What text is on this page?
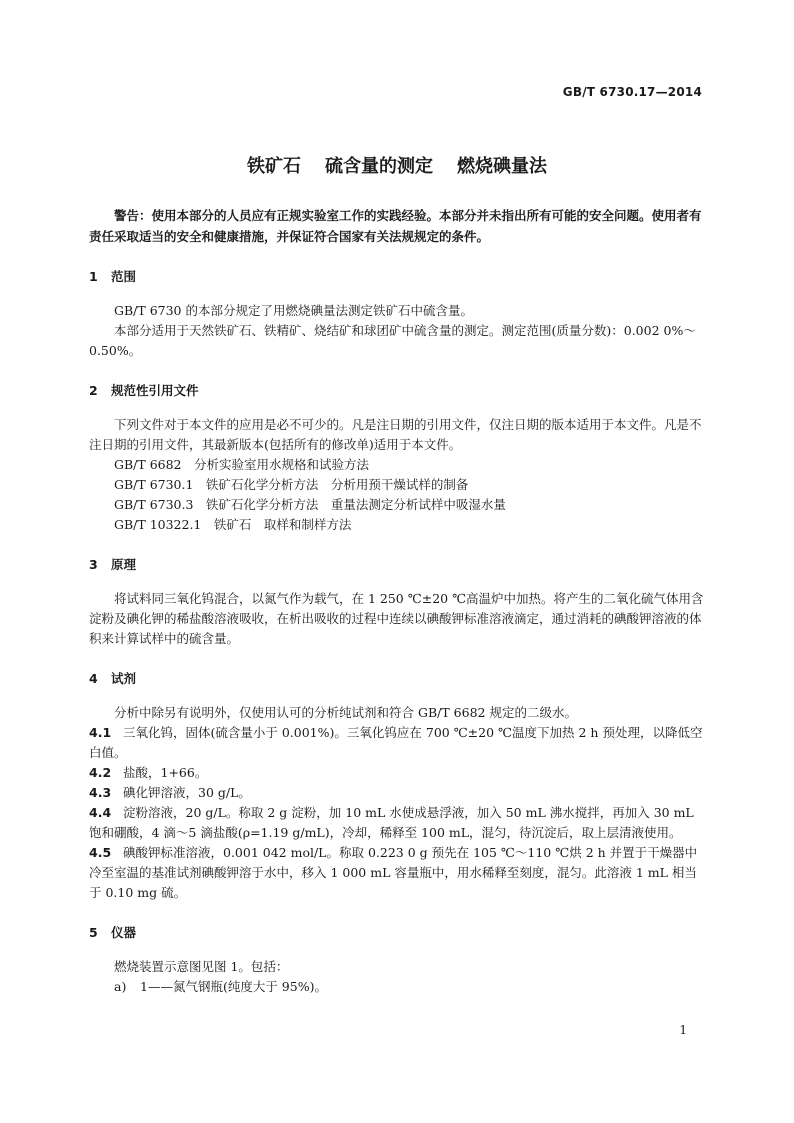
GB/T 6730.17—2014
铁矿石 硫含量的测定 燃烧碘量法

警告：使用本部分的人员应有正规实验室工作的实践经验。本部分并未指出所有可能的安全问题。使用者有责任采取适当的安全和健康措施，并保证符合国家有关法规规定的条件。

1 范围

GB/T 6730 的本部分规定了用燃烧碘量法测定铁矿石中硫含量。

本部分适用于天然铁矿石、铁精矿、烧结矿和球团矿中硫含量的测定。测定范围(质量分数)：0.002 0%～0.50%。

2 规范性引用文件

下列文件对于本文件的应用是必不可少的。凡是注日期的引用文件，仅注日期的版本适用于本文件。凡是不注日期的引用文件，其最新版本(包括所有的修改单)适用于本文件。

GB/T 6682　分析实验室用水规格和试验方法

GB/T 6730.1　铁矿石化学分析方法　分析用预干燥试样的制备

GB/T 6730.3　铁矿石化学分析方法　重量法测定分析试样中吸湿水量

GB/T 10322.1　铁矿石　取样和制样方法

3 原理

将试料同三氧化钨混合，以氮气作为载气，在 1 250 ℃±20 ℃高温炉中加热。将产生的二氧化硫气体用含淀粉及碘化钾的稀盐酸溶液吸收，在析出吸收的过程中连续以碘酸钾标准溶液滴定，通过消耗的碘酸钾溶液的体积来计算试样中的硫含量。

4 试剂

分析中除另有说明外，仅使用认可的分析纯试剂和符合 GB/T 6682 规定的二级水。

4.1 三氧化钨，固体(硫含量小于 0.001%)。三氧化钨应在 700 ℃±20 ℃温度下加热 2 h 预处理，以降低空白值。

4.2 盐酸，1+66。

4.3 碘化钾溶液，30 g/L。

4.4 淀粉溶液，20 g/L。称取 2 g 淀粉，加 10 mL 水使成悬浮液，加入 50 mL 沸水搅拌，再加入 30 mL 饱和硼酸，4 滴～5 滴盐酸(ρ=1.19 g/mL)，冷却，稀释至 100 mL，混匀，待沉淀后，取上层清液使用。

4.5 碘酸钾标准溶液，0.001 042 mol/L。称取 0.223 0 g 预先在 105 ℃～110 ℃烘 2 h 并置于干燥器中冷至室温的基准试剂碘酸钾溶于水中，移入 1 000 mL 容量瓶中，用水稀释至刻度，混匀。此溶液 1 mL 相当于 0.10 mg 硫。

5 仪器

燃烧装置示意图见图 1。包括：

a) 1——氮气钢瓶(纯度大于 95%)。

1
